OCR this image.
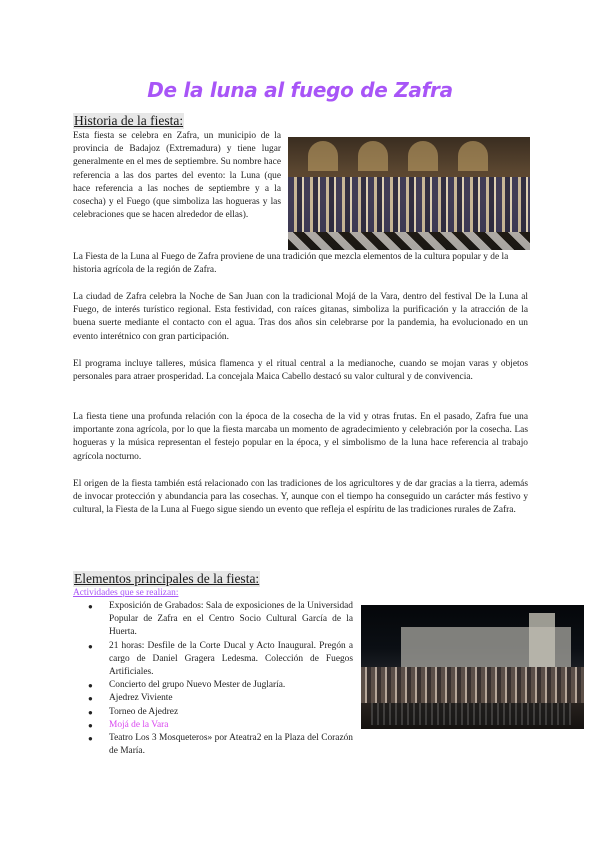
De la luna al fuego de Zafra
Historia de la fiesta:

Esta fiesta se celebra en Zafra, un municipio de la provincia de Badajoz (Extremadura) y tiene lugar generalmente en el mes de septiembre. Su nombre hace referencia a las dos partes del evento: la Luna (que hace referencia a las noches de septiembre y a la cosecha) y el Fuego (que simboliza las hogueras y las celebraciones que se hacen alrededor de ellas).

La Fiesta de la Luna al Fuego de Zafra proviene de una tradición que mezcla elementos de la cultura popular y de la historia agrícola de la región de Zafra.

La ciudad de Zafra celebra la Noche de San Juan con la tradicional Mojá de la Vara, dentro del festival De la Luna al Fuego, de interés turístico regional. Esta festividad, con raíces gitanas, simboliza la purificación y la atracción de la buena suerte mediante el contacto con el agua. Tras dos años sin celebrarse por la pandemia, ha evolucionado en un evento interétnico con gran participación.

El programa incluye talleres, música flamenca y el ritual central a la medianoche, cuando se mojan varas y objetos personales para atraer prosperidad. La concejala Maica Cabello destacó su valor cultural y de convivencia.

La fiesta tiene una profunda relación con la época de la cosecha de la vid y otras frutas. En el pasado, Zafra fue una importante zona agrícola, por lo que la fiesta marcaba un momento de agradecimiento y celebración por la cosecha. Las hogueras y la música representan el festejo popular en la época, y el simbolismo de la luna hace referencia al trabajo agrícola nocturno.

El origen de la fiesta también está relacionado con las tradiciones de los agricultores y de dar gracias a la tierra, además de invocar protección y abundancia para las cosechas. Y, aunque con el tiempo ha conseguido un carácter más festivo y cultural, la Fiesta de la Luna al Fuego sigue siendo un evento que refleja el espíritu de las tradiciones rurales de Zafra.

Elementos principales de la fiesta:
Actividades que se realizan:
● Exposición de Grabados: Sala de exposiciones de la Universidad Popular de Zafra en el Centro Socio Cultural García de la Huerta.
● 21 horas: Desfile de la Corte Ducal y Acto Inaugural. Pregón a cargo de Daniel Gragera Ledesma. Colección de Fuegos Artificiales.
● Concierto del grupo Nuevo Mester de Juglaría.
● Ajedrez Viviente
● Torneo de Ajedrez
● Mojá de la Vara
● Teatro Los 3 Mosqueteros» por Ateatra2 en la Plaza del Corazón de María.
